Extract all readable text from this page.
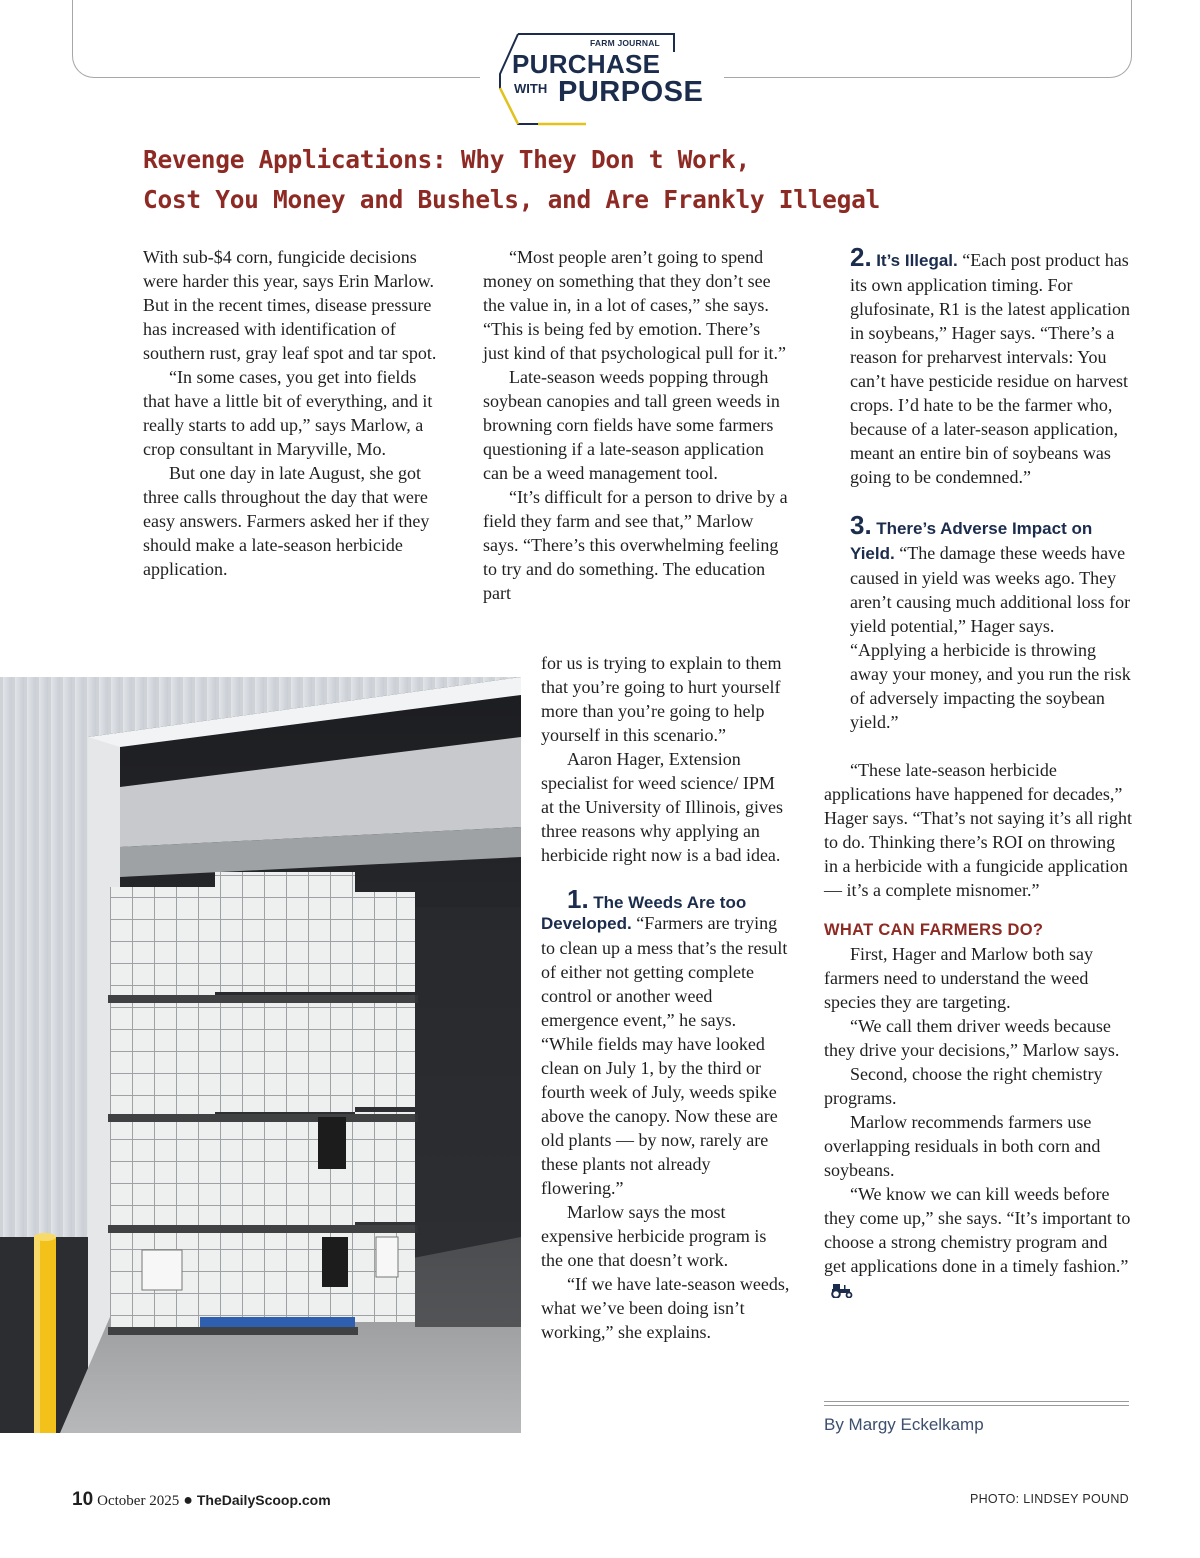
FARM JOURNAL
PURCHASE
WITH PURPOSE
Revenge Applications: Why They Don t Work,
Cost You Money and Bushels, and Are Frankly Illegal

With sub-$4 corn, fungicide decisions were harder this year, says Erin Marlow. But in the recent times, disease pressure has increased with identification of southern rust, gray leaf spot and tar spot.

“In some cases, you get into fields that have a little bit of everything, and it really starts to add up,” says Marlow, a crop consultant in Maryville, Mo.

But one day in late August, she got three calls throughout the day that were easy answers. Farmers asked her if they should make a late-season herbicide application.

“Most people aren’t going to spend money on something that they don’t see the value in, in a lot of cases,” she says. “This is being fed by emotion. There’s just kind of that psychological pull for it.”

Late-season weeds popping through soybean canopies and tall green weeds in browning corn fields have some farmers questioning if a late-season application can be a weed management tool.

“It’s difficult for a person to drive by a field they farm and see that,” Marlow says. “There’s this overwhelming feeling to try and do something. The education part

for us is trying to explain to them that you’re going to hurt yourself more than you’re going to help yourself in this scenario.”

Aaron Hager, Extension specialist for weed science/ IPM at the University of Illinois, gives three reasons why applying an herbicide right now is a bad idea.

1. The Weeds Are too

Developed. “Farmers are trying to clean up a mess that’s the result of either not getting complete control or another weed emergence event,” he says. “While fields may have looked clean on July 1, by the third or fourth week of July, weeds spike above the canopy. Now these are old plants — by now, rarely are these plants not already flowering.”

Marlow says the most expensive herbicide program is the one that doesn’t work.

“If we have late-season weeds, what we’ve been doing isn’t working,” she explains.

2. It’s Illegal. “Each post product has its own application timing. For glufosinate, R1 is the latest application in soybeans,” Hager says. “There’s a reason for preharvest intervals: You can’t have pesticide residue on harvest crops. I’d hate to be the farmer who, because of a later-season application, meant an entire bin of soybeans was going to be condemned.”

3. There’s Adverse Impact on Yield. “The damage these weeds have caused in yield was weeks ago. They aren’t causing much additional loss for yield potential,” Hager says. “Applying a herbicide is throwing away your money, and you run the risk of adversely impacting the soybean yield.”

“These late-season herbicide applications have happened for decades,” Hager says. “That’s not saying it’s all right to do. Thinking there’s ROI on throwing in a herbicide with a fungicide application — it’s a complete misnomer.”

WHAT CAN FARMERS DO?

First, Hager and Marlow both say farmers need to understand the weed species they are targeting.

“We call them driver weeds because they drive your decisions,” Marlow says.

Second, choose the right chemistry programs.

Marlow recommends farmers use overlapping residuals in both corn and soybeans.

“We know we can kill weeds before they come up,” she says. “It’s important to choose a strong chemistry program and get applications done in a timely fashion.”

By Margy Eckelkamp
10 October 2025 ● TheDailyScoop.com	PHOTO: LINDSEY POUND
